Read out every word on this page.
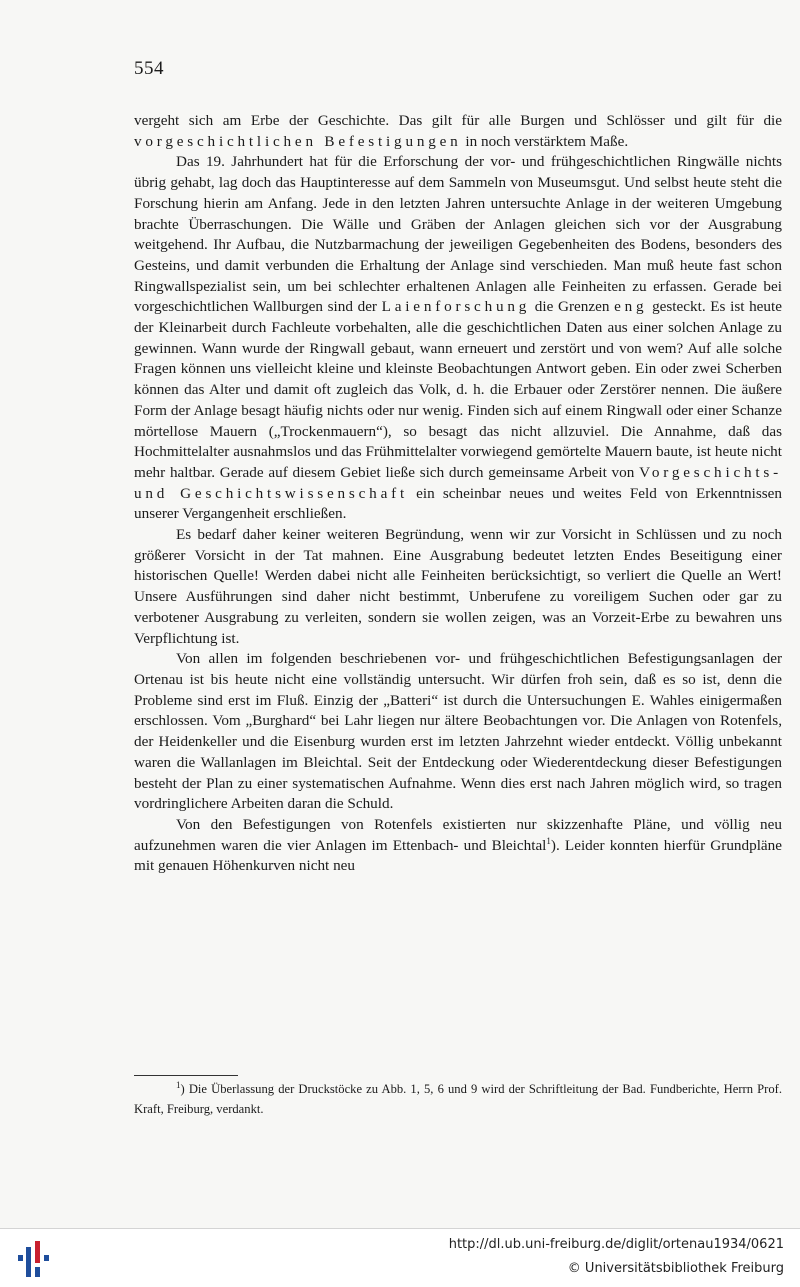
554

vergeht sich am Erbe der Geschichte. Das gilt für alle Burgen und Schlösser und gilt für die vorgeschichtlichen Befestigungen in noch verstärktem Maße.

Das 19. Jahrhundert hat für die Erforschung der vor- und frühgeschichtlichen Ringwälle nichts übrig gehabt, lag doch das Hauptinteresse auf dem Sammeln von Museumsgut. Und selbst heute steht die Forschung hierin am Anfang. Jede in den letzten Jahren untersuchte Anlage in der weiteren Umgebung brachte Überraschungen. Die Wälle und Gräben der Anlagen gleichen sich vor der Ausgrabung weitgehend. Ihr Aufbau, die Nutzbarmachung der jeweiligen Gegebenheiten des Bodens, besonders des Gesteins, und damit verbunden die Erhaltung der Anlage sind verschieden. Man muß heute fast schon Ringwallspezialist sein, um bei schlechter erhaltenen Anlagen alle Feinheiten zu erfassen. Gerade bei vorgeschichtlichen Wallburgen sind der Laienforschung die Grenzen eng gesteckt. Es ist heute der Kleinarbeit durch Fachleute vorbehalten, alle die geschichtlichen Daten aus einer solchen Anlage zu gewinnen. Wann wurde der Ringwall gebaut, wann erneuert und zerstört und von wem? Auf alle solche Fragen können uns vielleicht kleine und kleinste Beobachtungen Antwort geben. Ein oder zwei Scherben können das Alter und damit oft zugleich das Volk, d. h. die Erbauer oder Zerstörer nennen. Die äußere Form der Anlage besagt häufig nichts oder nur wenig. Finden sich auf einem Ringwall oder einer Schanze mörtellose Mauern („Trockenmauern“), so besagt das nicht allzuviel. Die Annahme, daß das Hochmittelalter ausnahmslos und das Frühmittelalter vorwiegend gemörtelte Mauern baute, ist heute nicht mehr haltbar. Gerade auf diesem Gebiet ließe sich durch gemeinsame Arbeit von Vorgeschichts- und Geschichtswissenschaft ein scheinbar neues und weites Feld von Erkenntnissen unserer Vergangenheit erschließen.

Es bedarf daher keiner weiteren Begründung, wenn wir zur Vorsicht in Schlüssen und zu noch größerer Vorsicht in der Tat mahnen. Eine Ausgrabung bedeutet letzten Endes Beseitigung einer historischen Quelle! Werden dabei nicht alle Feinheiten berücksichtigt, so verliert die Quelle an Wert! Unsere Ausführungen sind daher nicht bestimmt, Unberufene zu voreiligem Suchen oder gar zu verbotener Ausgrabung zu verleiten, sondern sie wollen zeigen, was an Vorzeit-Erbe zu bewahren uns Verpflichtung ist.

Von allen im folgenden beschriebenen vor- und frühgeschichtlichen Befestigungsanlagen der Ortenau ist bis heute nicht eine vollständig untersucht. Wir dürfen froh sein, daß es so ist, denn die Probleme sind erst im Fluß. Einzig der „Batteri“ ist durch die Untersuchungen E. Wahles einigermaßen erschlossen. Vom „Burghard“ bei Lahr liegen nur ältere Beobachtungen vor. Die Anlagen von Rotenfels, der Heidenkeller und die Eisenburg wurden erst im letzten Jahrzehnt wieder entdeckt. Völlig unbekannt waren die Wallanlagen im Bleichtal. Seit der Entdeckung oder Wiederentdeckung dieser Befestigungen besteht der Plan zu einer systematischen Aufnahme. Wenn dies erst nach Jahren möglich wird, so tragen vordringlichere Arbeiten daran die Schuld.

Von den Befestigungen von Rotenfels existierten nur skizzenhafte Pläne, und völlig neu aufzunehmen waren die vier Anlagen im Ettenbach- und Bleichtal$^1$). Leider konnten hierfür Grundpläne mit genauen Höhenkurven nicht neu

$^1$) Die Überlassung der Druckstöcke zu Abb. 1, 5, 6 und 9 wird der Schriftleitung der Bad. Fundberichte, Herrn Prof. Kraft, Freiburg, verdankt.
http://dl.ub.uni-freiburg.de/diglit/ortenau1934/0621
© Universitätsbibliothek Freiburg
